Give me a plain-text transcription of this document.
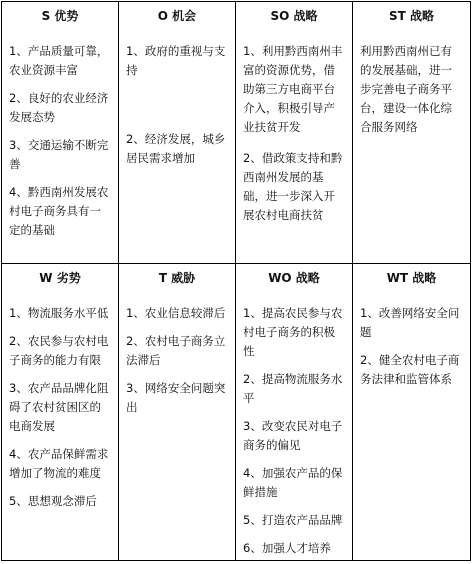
S 优势
1、产品质量可靠，农业资源丰富
2、良好的农业经济发展态势
3、交通运输不断完善
4、黔西南州发展农村电子商务具有一定的基础
O 机会
1、政府的重视与支持
2、经济发展，城乡居民需求增加
SO 战略
1、利用黔西南州丰富的资源优势，借助第三方电商平台介入，积极引导产业扶贫开发
2、借政策支持和黔西南州发展的基础，进一步深入开展农村电商扶贫
ST 战略
利用黔西南州已有的发展基础，进一步完善电子商务平台，建设一体化综合服务网络
W 劣势
1、物流服务水平低
2、农民参与农村电子商务的能力有限
3、农产品品牌化阻碍了农村贫困区的电商发展
4、农产品保鲜需求增加了物流的难度
5、思想观念滞后
T 威胁
1、农业信息较滞后
2、农村电子商务立法滞后
3、网络安全问题突出
WO 战略
1、提高农民参与农村电子商务的积极性
2、提高物流服务水平
3、改变农民对电子商务的偏见
4、加强农产品的保鲜措施
5、打造农产品品牌
6、加强人才培养
WT 战略
1、改善网络安全问题
2、健全农村电子商务法律和监管体系
